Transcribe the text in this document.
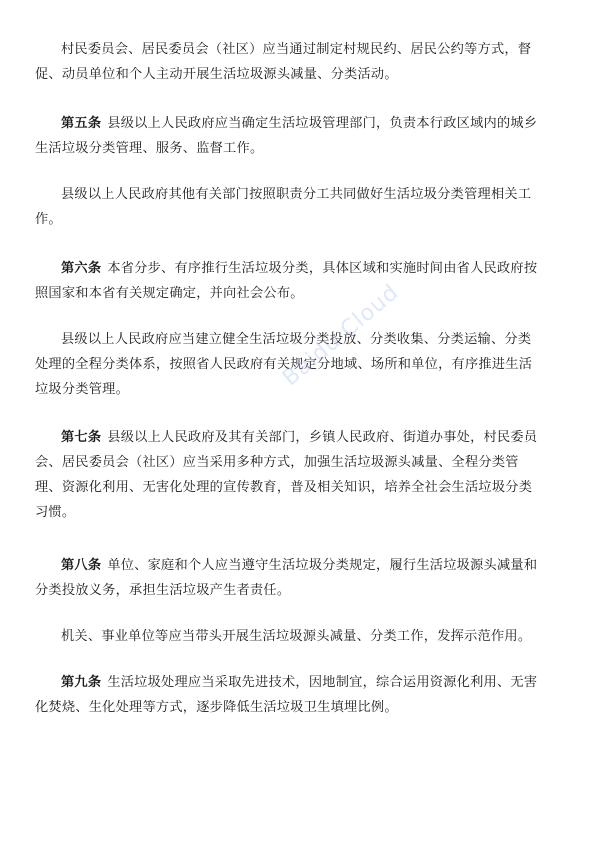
村民委员会、居民委员会（社区）应当通过制定村规民约、居民公约等方式，督
促、动员单位和个人主动开展生活垃圾源头减量、分类活动。

第五条 县级以上人民政府应当确定生活垃圾管理部门，负责本行政区域内的城乡
生活垃圾分类管理、服务、监督工作。

县级以上人民政府其他有关部门按照职责分工共同做好生活垃圾分类管理相关工
作。

第六条 本省分步、有序推行生活垃圾分类，具体区域和实施时间由省人民政府按
照国家和本省有关规定确定，并向社会公布。

县级以上人民政府应当建立健全生活垃圾分类投放、分类收集、分类运输、分类
处理的全程分类体系，按照省人民政府有关规定分地域、场所和单位，有序推进生活
垃圾分类管理。

第七条 县级以上人民政府及其有关部门，乡镇人民政府、街道办事处，村民委员
会、居民委员会（社区）应当采用多种方式，加强生活垃圾源头减量、全程分类管
理、资源化利用、无害化处理的宣传教育，普及相关知识，培养全社会生活垃圾分类
习惯。

第八条 单位、家庭和个人应当遵守生活垃圾分类规定，履行生活垃圾源头减量和
分类投放义务，承担生活垃圾产生者责任。

机关、事业单位等应当带头开展生活垃圾源头减量、分类工作，发挥示范作用。

第九条 生活垃圾处理应当采取先进技术，因地制宜，综合运用资源化利用、无害
化焚烧、生化处理等方式，逐步降低生活垃圾卫生填埋比例。

Baidu Cloud
